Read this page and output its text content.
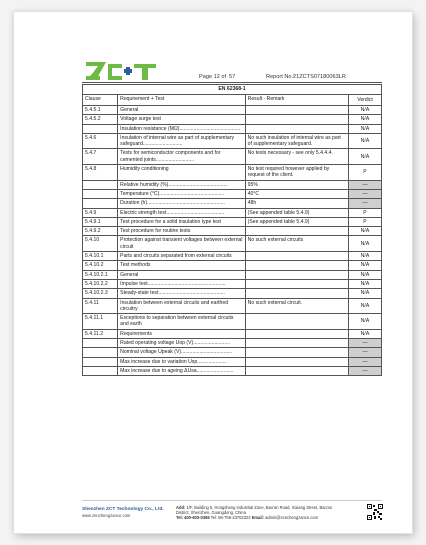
Page 12 of 57	Report No.:
21ZCTS07180063LR
EN 62368-1			
Clause	Requirement + Test	Result - Remark	Verdict
5.4.5.1	General		N/A
5.4.5.2	Voltage surge test		N/A
	Insulation resistance (MΩ)...........................................		N/A
5.4.6	Insulation of internal wire as part of supplementary safeguard............................	No such insulation of internal wire as part of supplementary safeguard.	N/A
5.4.7	Tests for semiconductor components and for cemented joints...........................	No tests necessary - see only 5.4.4.4.	N/A
5.4.8	Humidity conditioning	No test required however applied by request of the client.	P
	Relative humidity (%)..........................................	95%	—
	Temperature (°C)..............................................	40°C	—
	Duration (h).......................................................	48h	—
5.4.9	Electric strength test.........................................	(See appended table 5.4.9)	P
5.4.9.1	Test procedure for a solid insulation type test	(See appended table 5.4.9)	P
5.4.9.2	Test procedure for routine tests		N/A
5.4.10	Protection against transient voltages between external circuit	No such external circuits	N/A
5.4.10.1	Parts and circuits separated from external circuits		N/A
5.4.10.2	Test methods		N/A
5.4.10.2.1	General		N/A
5.4.10.2.2	Impulse test.......................................................		N/A
5.4.10.2.3	Steady-state test...............................................		N/A
5.4.11	Insulation between external circuits and earthed circuitry	No such external circuit.	N/A
5.4.11.1	Exceptions to separation between external circuits and earth		N/A
5.4.11.2	Requirements		N/A
	Rated operating voltage Uop (V)..........................		—
	Nominal voltage Upeak (V)....................................		—
	Max increase due to variation Usp.....................		—
	Max increase due to ageing ΔUsa..........................		—
Shenzhen ZCT Technology Co., Ltd.
www.zenchengzance.com
Add: 1/F, Building 5, Hongsheng Industrial Zone, Bao'an Road, Xixiang Street, Bao'an District, Shenzhen, Guangdong, China
Tel: 400-603-0365 Tel: 86-755-23702323 Email: admin@zenchengzance.com
